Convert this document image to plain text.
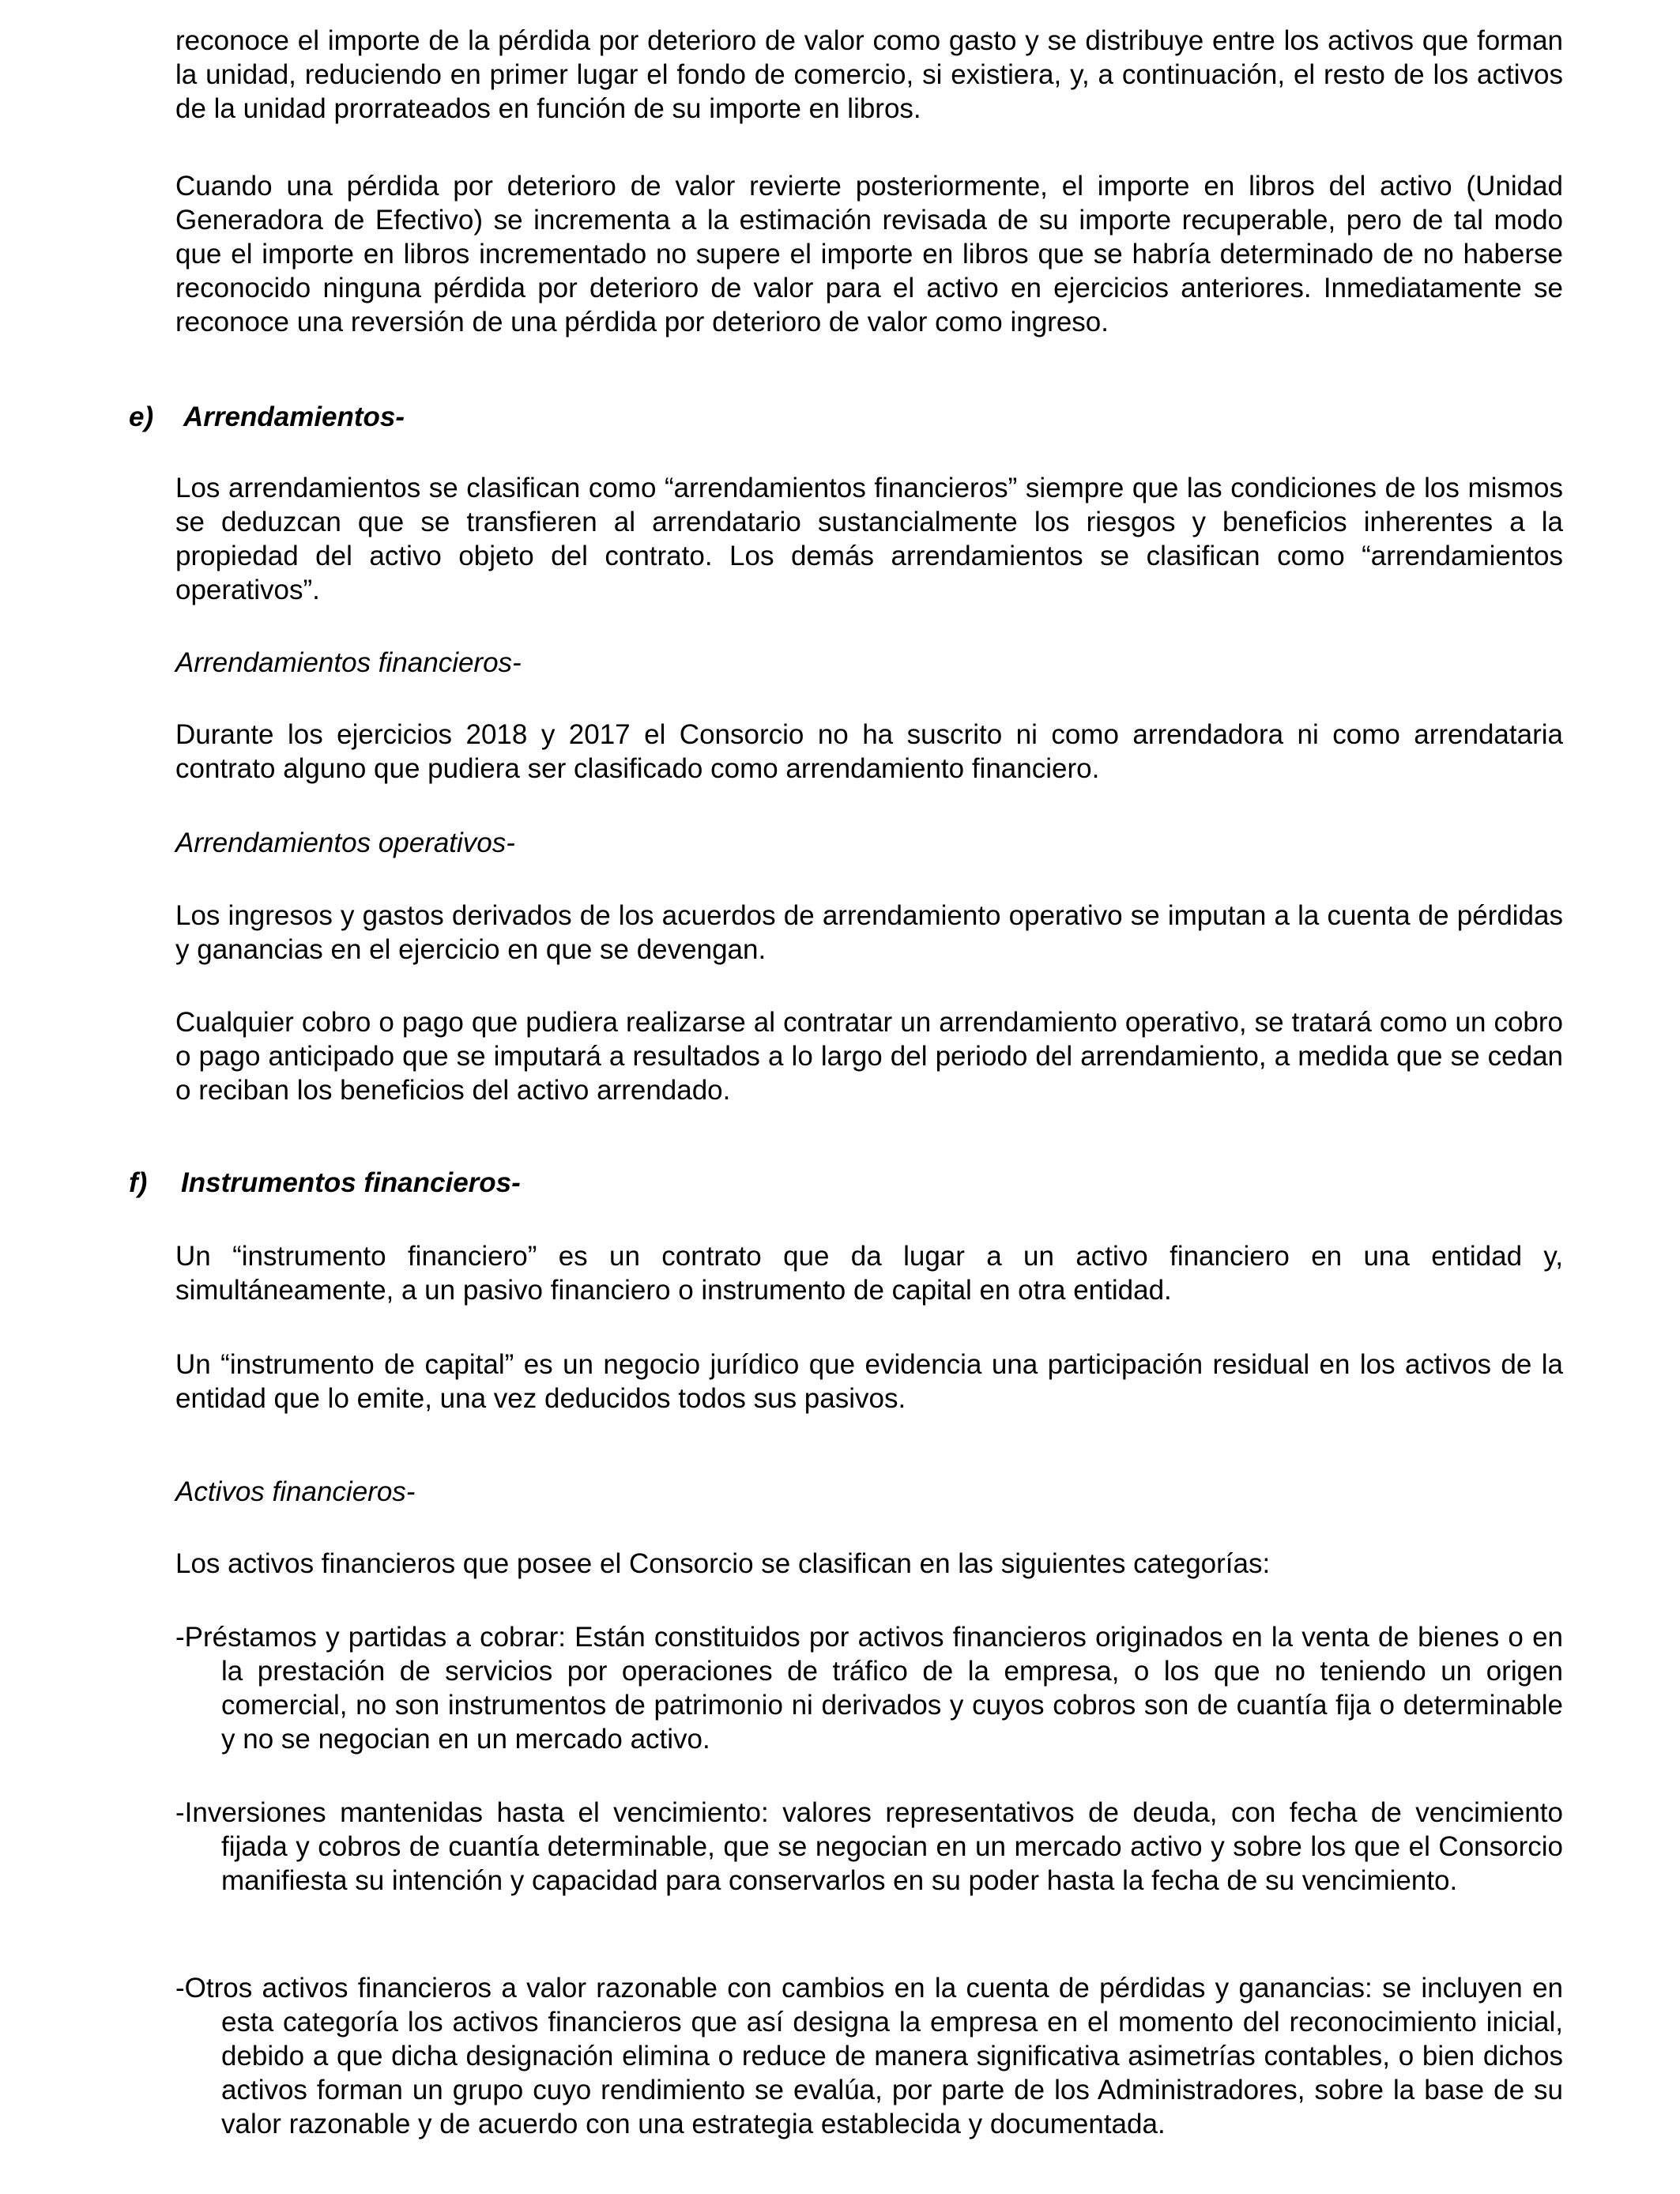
reconoce el importe de la pérdida por deterioro de valor como gasto y se distribuye entre los activos que forman la unidad, reduciendo en primer lugar el fondo de comercio, si existiera, y, a continuación, el resto de los activos de la unidad prorrateados en función de su importe en libros.

Cuando una pérdida por deterioro de valor revierte posteriormente, el importe en libros del activo (Unidad Generadora de Efectivo) se incrementa a la estimación revisada de su importe recuperable, pero de tal modo que el importe en libros incrementado no supere el importe en libros que se habría determinado de no haberse reconocido ninguna pérdida por deterioro de valor para el activo en ejercicios anteriores. Inmediatamente se reconoce una reversión de una pérdida por deterioro de valor como ingreso.

e) Arrendamientos-

Los arrendamientos se clasifican como “arrendamientos financieros” siempre que las condiciones de los mismos se deduzcan que se transfieren al arrendatario sustancialmente los riesgos y beneficios inherentes a la propiedad del activo objeto del contrato. Los demás arrendamientos se clasifican como “arrendamientos operativos”.

Arrendamientos financieros-

Durante los ejercicios 2018 y 2017 el Consorcio no ha suscrito ni como arrendadora ni como arrendataria contrato alguno que pudiera ser clasificado como arrendamiento financiero.

Arrendamientos operativos-

Los ingresos y gastos derivados de los acuerdos de arrendamiento operativo se imputan a la cuenta de pérdidas y ganancias en el ejercicio en que se devengan.

Cualquier cobro o pago que pudiera realizarse al contratar un arrendamiento operativo, se tratará como un cobro o pago anticipado que se imputará a resultados a lo largo del periodo del arrendamiento, a medida que se cedan o reciban los beneficios del activo arrendado.

f) Instrumentos financieros-

Un “instrumento financiero” es un contrato que da lugar a un activo financiero en una entidad y, simultáneamente, a un pasivo financiero o instrumento de capital en otra entidad.

Un “instrumento de capital” es un negocio jurídico que evidencia una participación residual en los activos de la entidad que lo emite, una vez deducidos todos sus pasivos.

Activos financieros-

Los activos financieros que posee el Consorcio se clasifican en las siguientes categorías:

-Préstamos y partidas a cobrar: Están constituidos por activos financieros originados en la venta de bienes o en la prestación de servicios por operaciones de tráfico de la empresa, o los que no teniendo un origen comercial, no son instrumentos de patrimonio ni derivados y cuyos cobros son de cuantía fija o determinable y no se negocian en un mercado activo.

-Inversiones mantenidas hasta el vencimiento: valores representativos de deuda, con fecha de vencimiento fijada y cobros de cuantía determinable, que se negocian en un mercado activo y sobre los que el Consorcio manifiesta su intención y capacidad para conservarlos en su poder hasta la fecha de su vencimiento.

-Otros activos financieros a valor razonable con cambios en la cuenta de pérdidas y ganancias: se incluyen en esta categoría los activos financieros que así designa la empresa en el momento del reconocimiento inicial, debido a que dicha designación elimina o reduce de manera significativa asimetrías contables, o bien dichos activos forman un grupo cuyo rendimiento se evalúa, por parte de los Administradores, sobre la base de su valor razonable y de acuerdo con una estrategia establecida y documentada.
